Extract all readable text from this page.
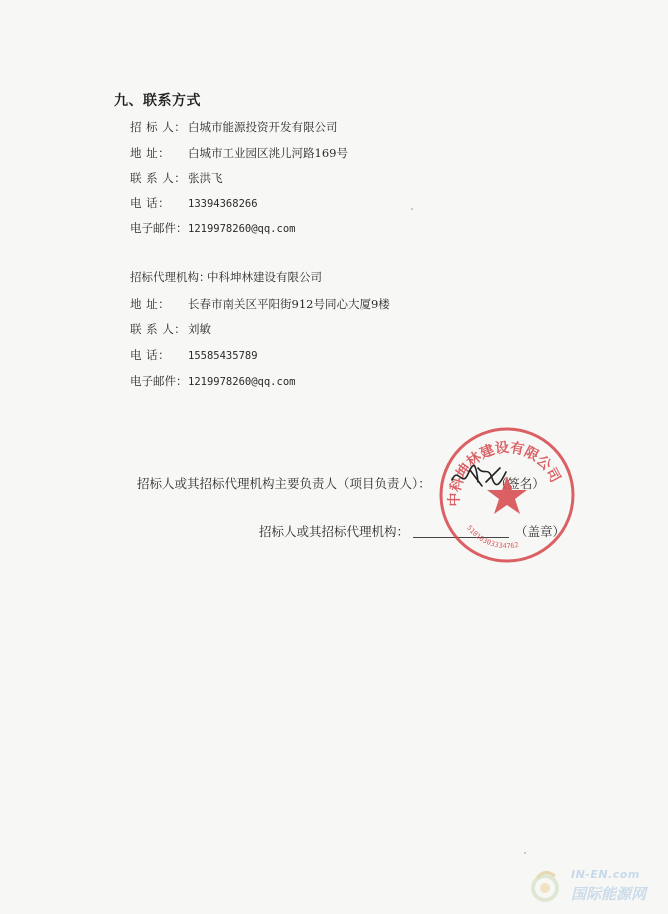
九、联系方式
招 标 人： 白城市能源投资开发有限公司
地 址： 白城市工业园区洮儿河路169号
联 系 人： 张洪飞
电 话： 13394368266
电子邮件：1219978260@qq.com
招标代理机构：中科坤林建设有限公司
地 址： 长春市南关区平阳街912号同心大厦9楼
联 系 人： 刘敏
电 话： 15585435789
电子邮件：1219978260@qq.com
招标人或其招标代理机构主要负责人（项目负责人）：	（签名）
招标人或其招标代理机构：	（盖章）
中科坤林建设有限公司
51010303334762
IN-EN.com
国际能源网
